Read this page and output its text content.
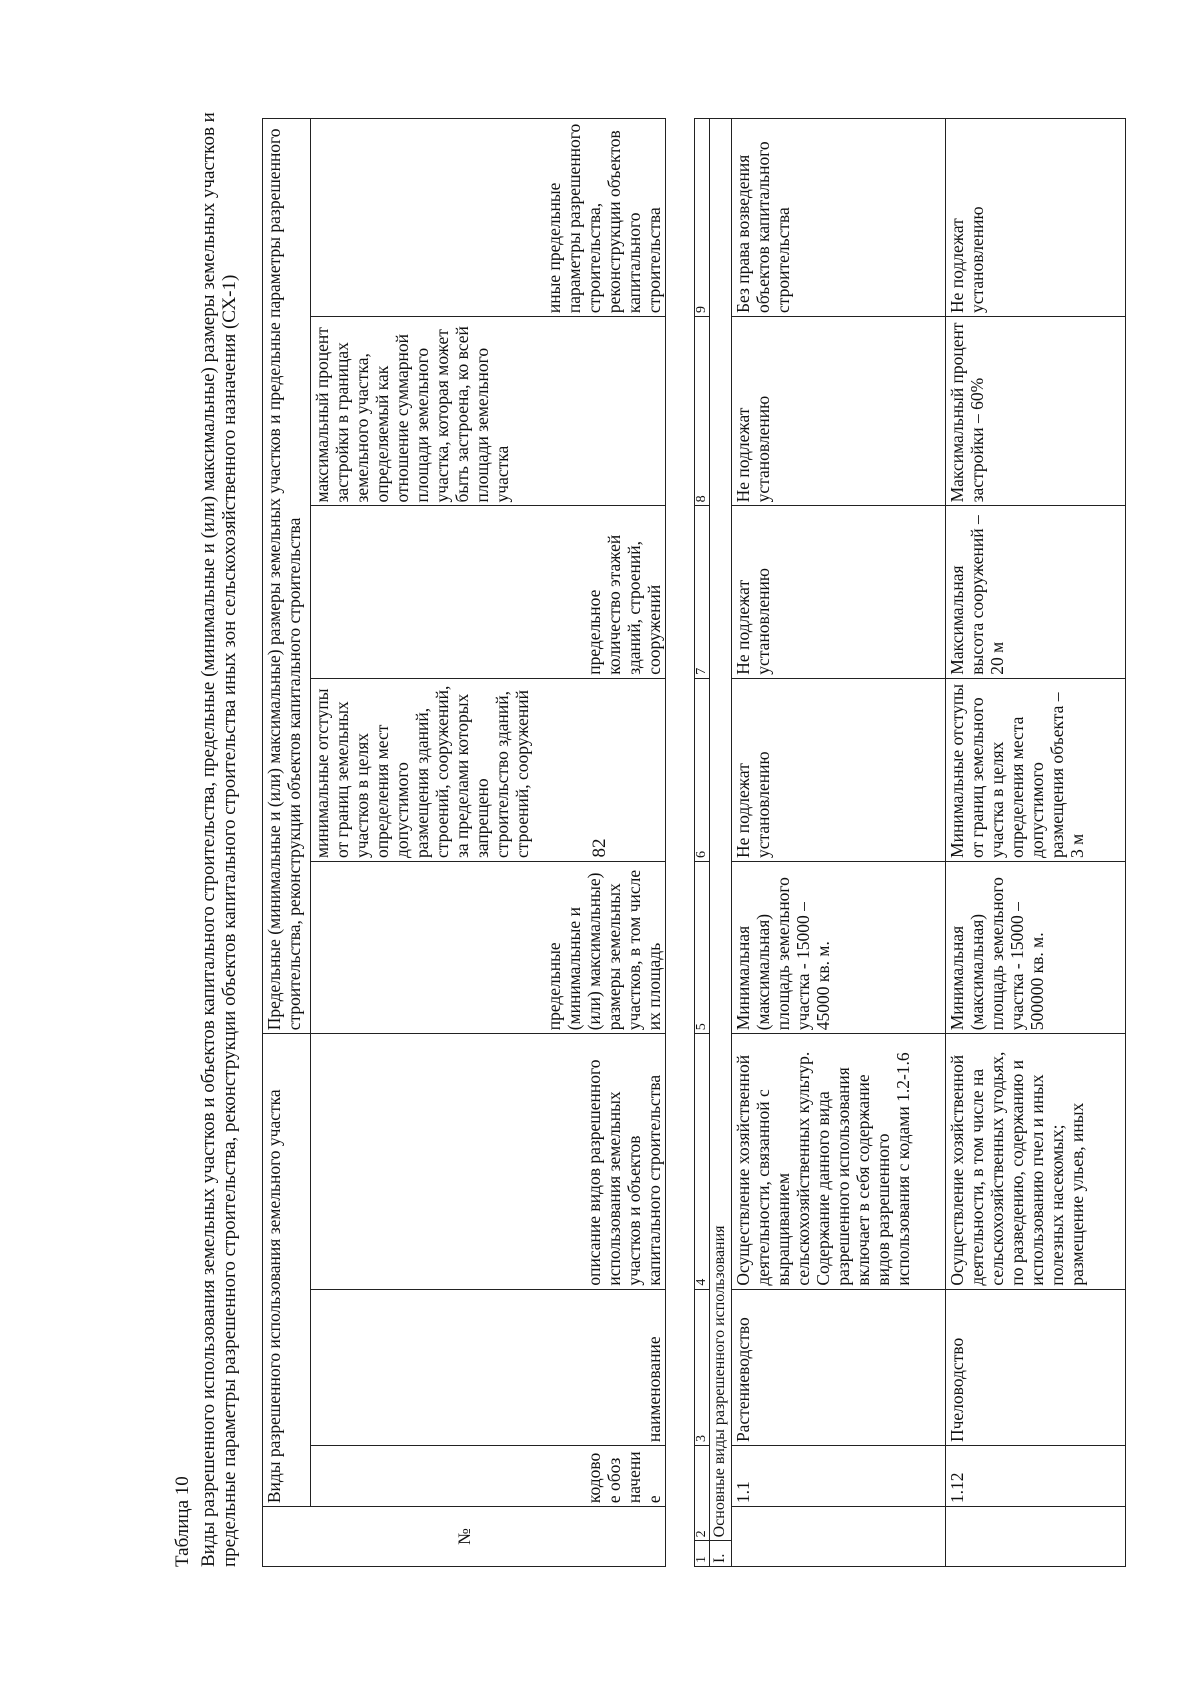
82
Таблица 10 Виды разрешенного использования земельных участков и объектов капитального строительства, предельные (минимальные и (или) максимальные) размеры земельных участков и предельные параметры разрешенного строительства, реконструкции объектов капитального строительства иных зон сельскохозяйственного назначения (СХ-1)	№	Виды разрешенного использования земельного участка			Предельные (минимальные и (или) максимальные) размеры земельных участков и предельные параметры разрешенного строительства, реконструкции объектов капитального строительства				
	кодовое обозначение	наименование	описание видов разрешенного использования земельных участков и объектов капитального строительства	предельные (минимальные и (или) максимальные) размеры земельных участков, в том числе их площадь	минимальные отступы от границ земельных участков в целях определения мест допустимого размещения зданий, строений, сооружений, за пределами которых запрещено строительство зданий, строений, сооружений	предельное количество этажей зданий, строений, сооружений	максимальный процент застройки в границах земельного участка, определяемый как отношение суммарной площади земельного участка, которая может быть застроена, ко всей площади земельного участка	иные предельные параметры разрешенного строительства, реконструкции объектов капитального строительства
1	2		3	4	5	6	7	8	9
I.	Основные виды разрешенного использования								
		1.1	Растениеводство	Осуществление хозяйственной деятельности, связанной с выращиванием сельскохозяйственных культур. Содержание данного вида разрешенного использования включает в себя содержание видов разрешенного использования с кодами 1.2-1.6	Минимальная (максимальная) площадь земельного участка - 15000 – 45000 кв. м.	Не подлежат установлению	Не подлежат установлению	Не подлежат установлению	Без права возведения объектов капитального строительства
		1.12	Пчеловодство	Осуществление хозяйственной деятельности, в том числе на сельскохозяйственных угодьях, по разведению, содержанию и использованию пчел и иных полезных насекомых; размещение ульев, иных	Минимальная (максимальная) площадь земельного участка - 15000 – 500000 кв. м.	Минимальные отступы от границ земельного участка в целях определения места допустимого размещения объекта – 3 м	Максимальная высота сооружений – 20 м	Максимальный процент застройки – 60%	Не подлежат установлению
